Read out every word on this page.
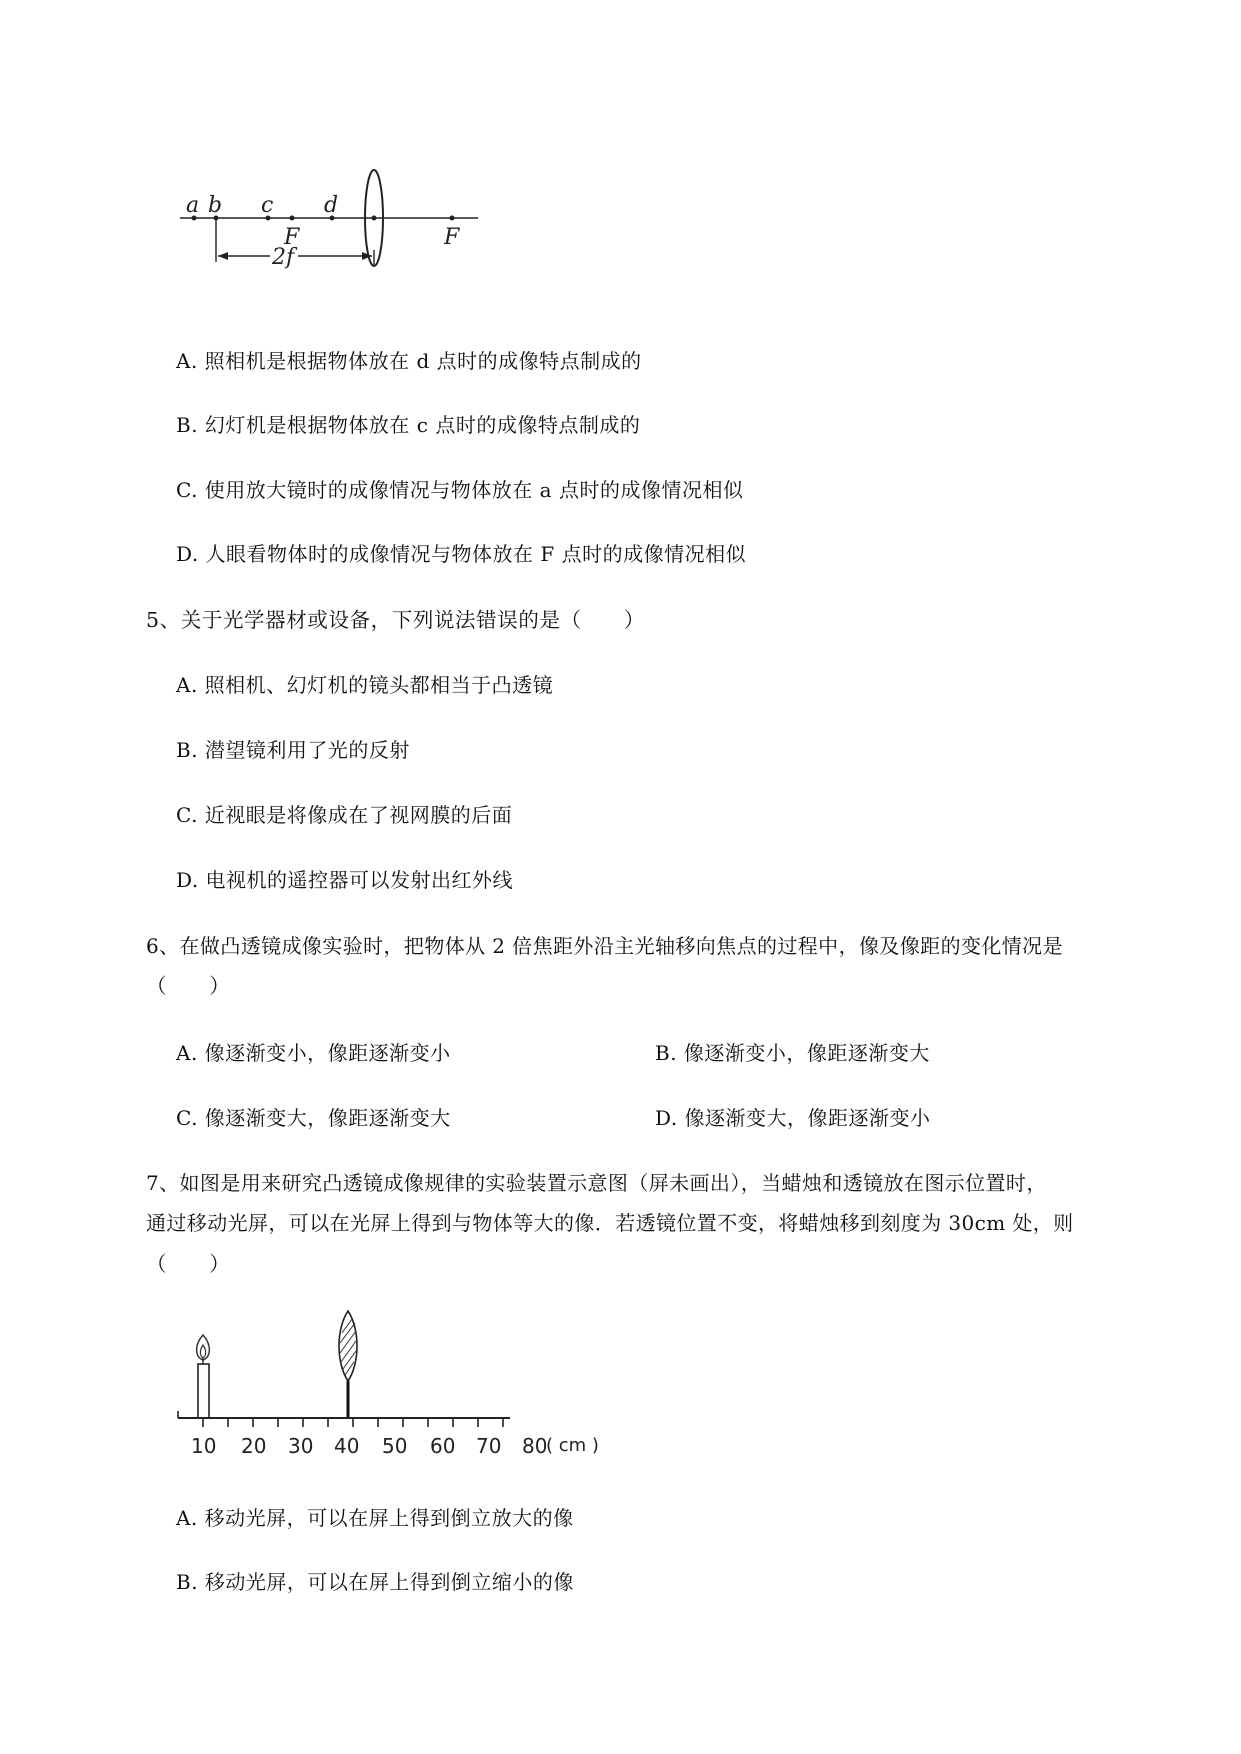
a b c d
F	F
2f
A. 照相机是根据物体放在 d 点时的成像特点制成的
B. 幻灯机是根据物体放在 c 点时的成像特点制成的
C. 使用放大镜时的成像情况与物体放在 a 点时的成像情况相似
D. 人眼看物体时的成像情况与物体放在 F 点时的成像情况相似
5、关于光学器材或设备，下列说法错误的是（　　）
A. 照相机、幻灯机的镜头都相当于凸透镜
B. 潜望镜利用了光的反射
C. 近视眼是将像成在了视网膜的后面
D. 电视机的遥控器可以发射出红外线
6、在做凸透镜成像实验时，把物体从 2 倍焦距外沿主光轴移向焦点的过程中，像及像距的变化情况是
（　　）
A. 像逐渐变小，像距逐渐变小	B. 像逐渐变小，像距逐渐变大
C. 像逐渐变大，像距逐渐变大	D. 像逐渐变大，像距逐渐变小
7、如图是用来研究凸透镜成像规律的实验装置示意图（屏未画出），当蜡烛和透镜放在图示位置时，
通过移动光屏，可以在光屏上得到与物体等大的像．若透镜位置不变，将蜡烛移到刻度为 30cm 处，则
（　　）
10 20 30 40 50 60 70 80
( cm )
A. 移动光屏，可以在屏上得到倒立放大的像
B. 移动光屏，可以在屏上得到倒立缩小的像
